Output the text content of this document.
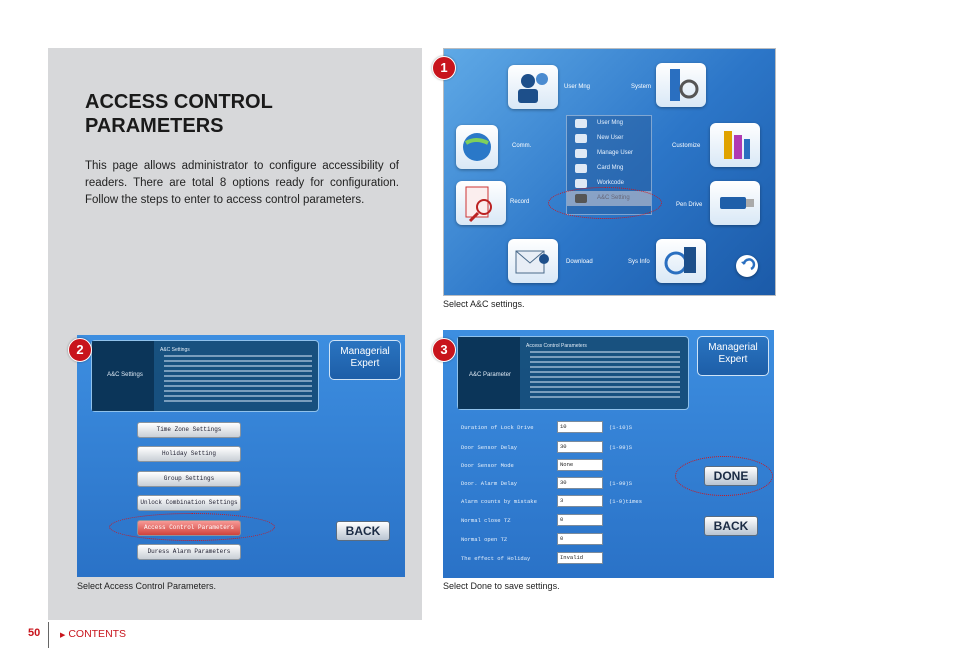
ACCESS CONTROL PARAMETERS
This page allows administrator to configure accessibility of readers. There are total 8 options ready for configuration. Follow the steps to enter to access control parameters.
User Mng	System
Comm.	Customize
Record	Pen Drive
Download	Sys Info
User Mng
New User
Manage User
Card Mng
Workcode
A&C Setting
1
Select A&C settings.
A&C Settings
A&C Settings	Managerial Expert
Time Zone Settings
Holiday Setting
Group Settings
Unlock Combination Settings
Access Control Parameters
Duress Alarm Parameters
BACK
2
Select Access Control Parameters.
A&C Parameter
Access Control Parameters	Managerial Expert
Duration of Lock Drive	10	(1-10)S
Door Sensor Delay	30	(1-99)S
Door Sensor Mode	None
Door. Alarm Delay	30	(1-99)S
Alarm counts by mistake	3	(1-9)times
Normal close TZ	0
Normal open TZ	0
The effect of Holiday	Invalid
DONE
BACK
3
Select Done to save settings.
50	▶ CONTENTS
